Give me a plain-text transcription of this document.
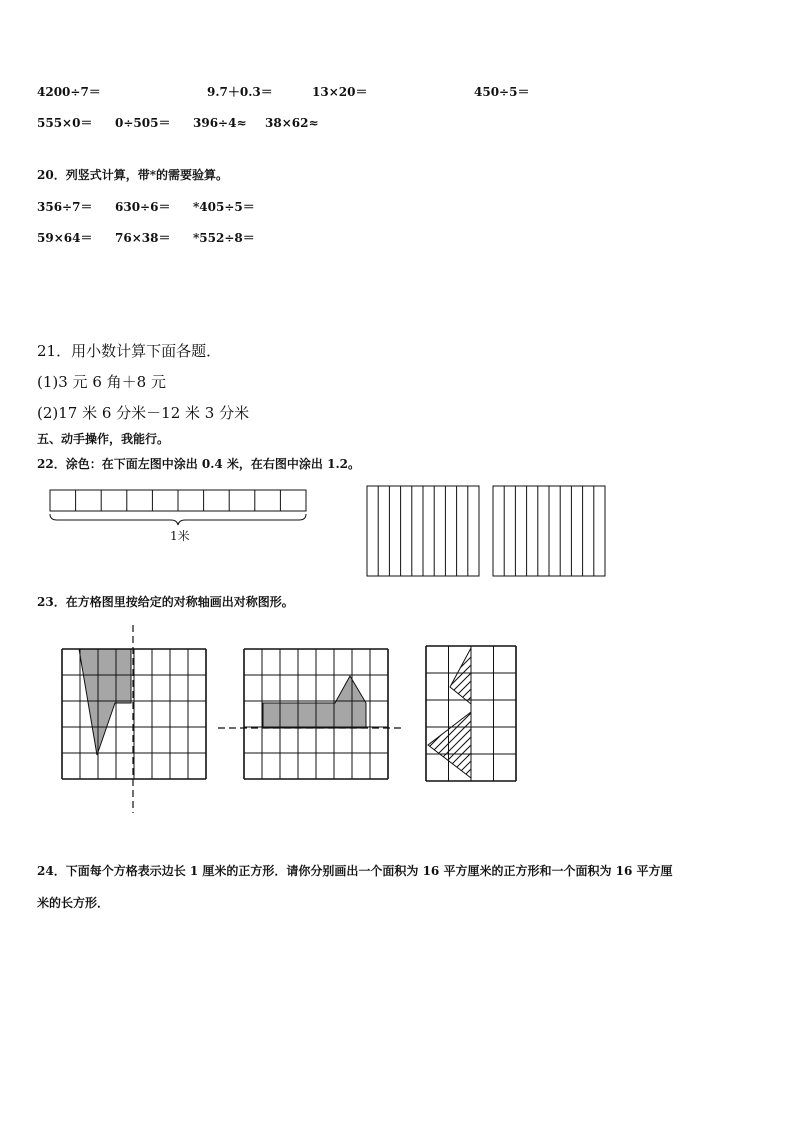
4200÷7＝	9.7＋0.3＝	13×20＝	450÷5＝
555×0＝ 0÷505＝ 396÷4≈ 38×62≈
20．列竖式计算，带*的需要验算。
356÷7＝ 630÷6＝ *405÷5＝
59×64＝ 76×38＝ *552÷8＝
21．用小数计算下面各题．
(1)3 元 6 角＋8 元
(2)17 米 6 分米－12 米 3 分米
五、动手操作，我能行。
22．涂色：在下面左图中涂出 0.4 米，在右图中涂出 1.2。
1米
23．在方格图里按给定的对称轴画出对称图形。
24．下面每个方格表示边长 1 厘米的正方形．请你分别画出一个面积为 16 平方厘米的正方形和一个面积为 16 平方厘
米的长方形．
